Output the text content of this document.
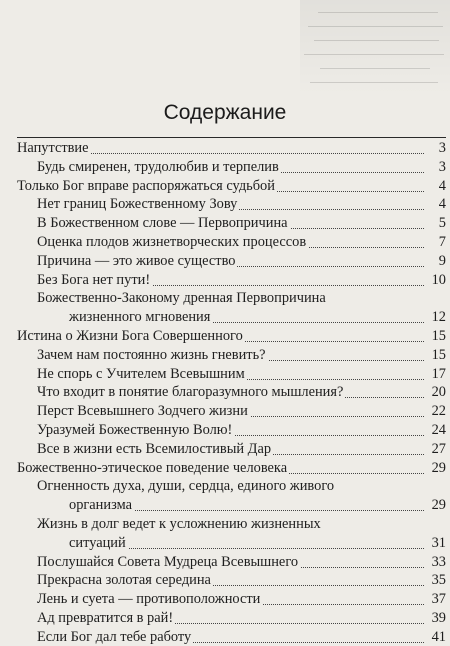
Содержание
Напутствие	3
Будь смиренен, трудолюбив и терпелив	3
Только Бог вправе распоряжаться судьбой	4
Нет границ Божественному Зову	4
В Божественном слове — Первопричина	5
Оценка плодов жизнетворческих процессов	7
Причина — это живое существо	9
Без Бога нет пути!	10
Божественно-Законому дренная Первопричина
жизненного мгновения	12
Истина о Жизни Бога Совершенного	15
Зачем нам постоянно жизнь гневить?	15
Не спорь с Учителем Всевышним	17
Что входит в понятие благоразумного мышления?	20
Перст Всевышнего Зодчего жизни	22
Уразумей Божественную Волю!	24
Все в жизни есть Всемилостивый Дар	27
Божественно-этическое поведение человека	29
Огненность духа, души, сердца, единого живого
организма	29
Жизнь в долг ведет к усложнению жизненных
ситуаций	31
Послушайся Совета Мудреца Всевышнего	33
Прекрасна золотая середина	35
Лень и суета — противоположности	37
Ад превратится в рай!	39
Если Бог дал тебе работу	41
